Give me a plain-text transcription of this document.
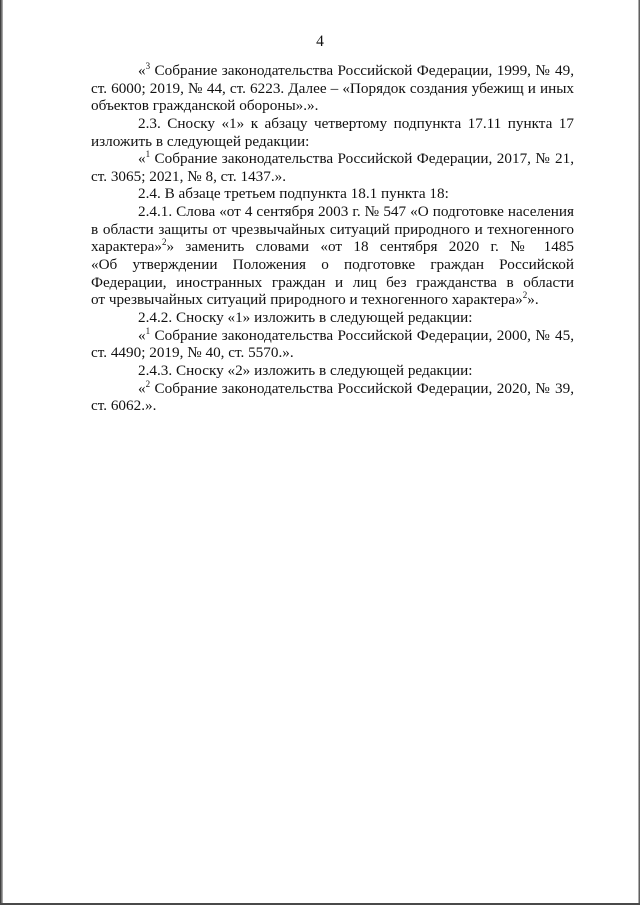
4
«$^3$ Собрание законодательства Российской Федерации, 1999, № 49,
ст. 6000; 2019, № 44, ст. 6223. Далее – «Порядок создания убежищ и иных
объектов гражданской обороны».».
2.3. Сноску «1» к абзацу четвертому подпункта 17.11 пункта 17
изложить в следующей редакции:
«$^1$ Собрание законодательства Российской Федерации, 2017, № 21,
ст. 3065; 2021, № 8, ст. 1437.».
2.4. В абзаце третьем подпункта 18.1 пункта 18:
2.4.1. Слова «от 4 сентября 2003 г. № 547 «О подготовке населения
в области защиты от чрезвычайных ситуаций природного и техногенного
характера»$^2$» заменить словами «от 18 сентября 2020 г. № 1485
«Об утверждении Положения о подготовке граждан Российской
Федерации, иностранных граждан и лиц без гражданства в области
от чрезвычайных ситуаций природного и техногенного характера»$^2$».
2.4.2. Сноску «1» изложить в следующей редакции:
«$^1$ Собрание законодательства Российской Федерации, 2000, № 45,
ст. 4490; 2019, № 40, ст. 5570.».
2.4.3. Сноску «2» изложить в следующей редакции:
«$^2$ Собрание законодательства Российской Федерации, 2020, № 39,
ст. 6062.».
